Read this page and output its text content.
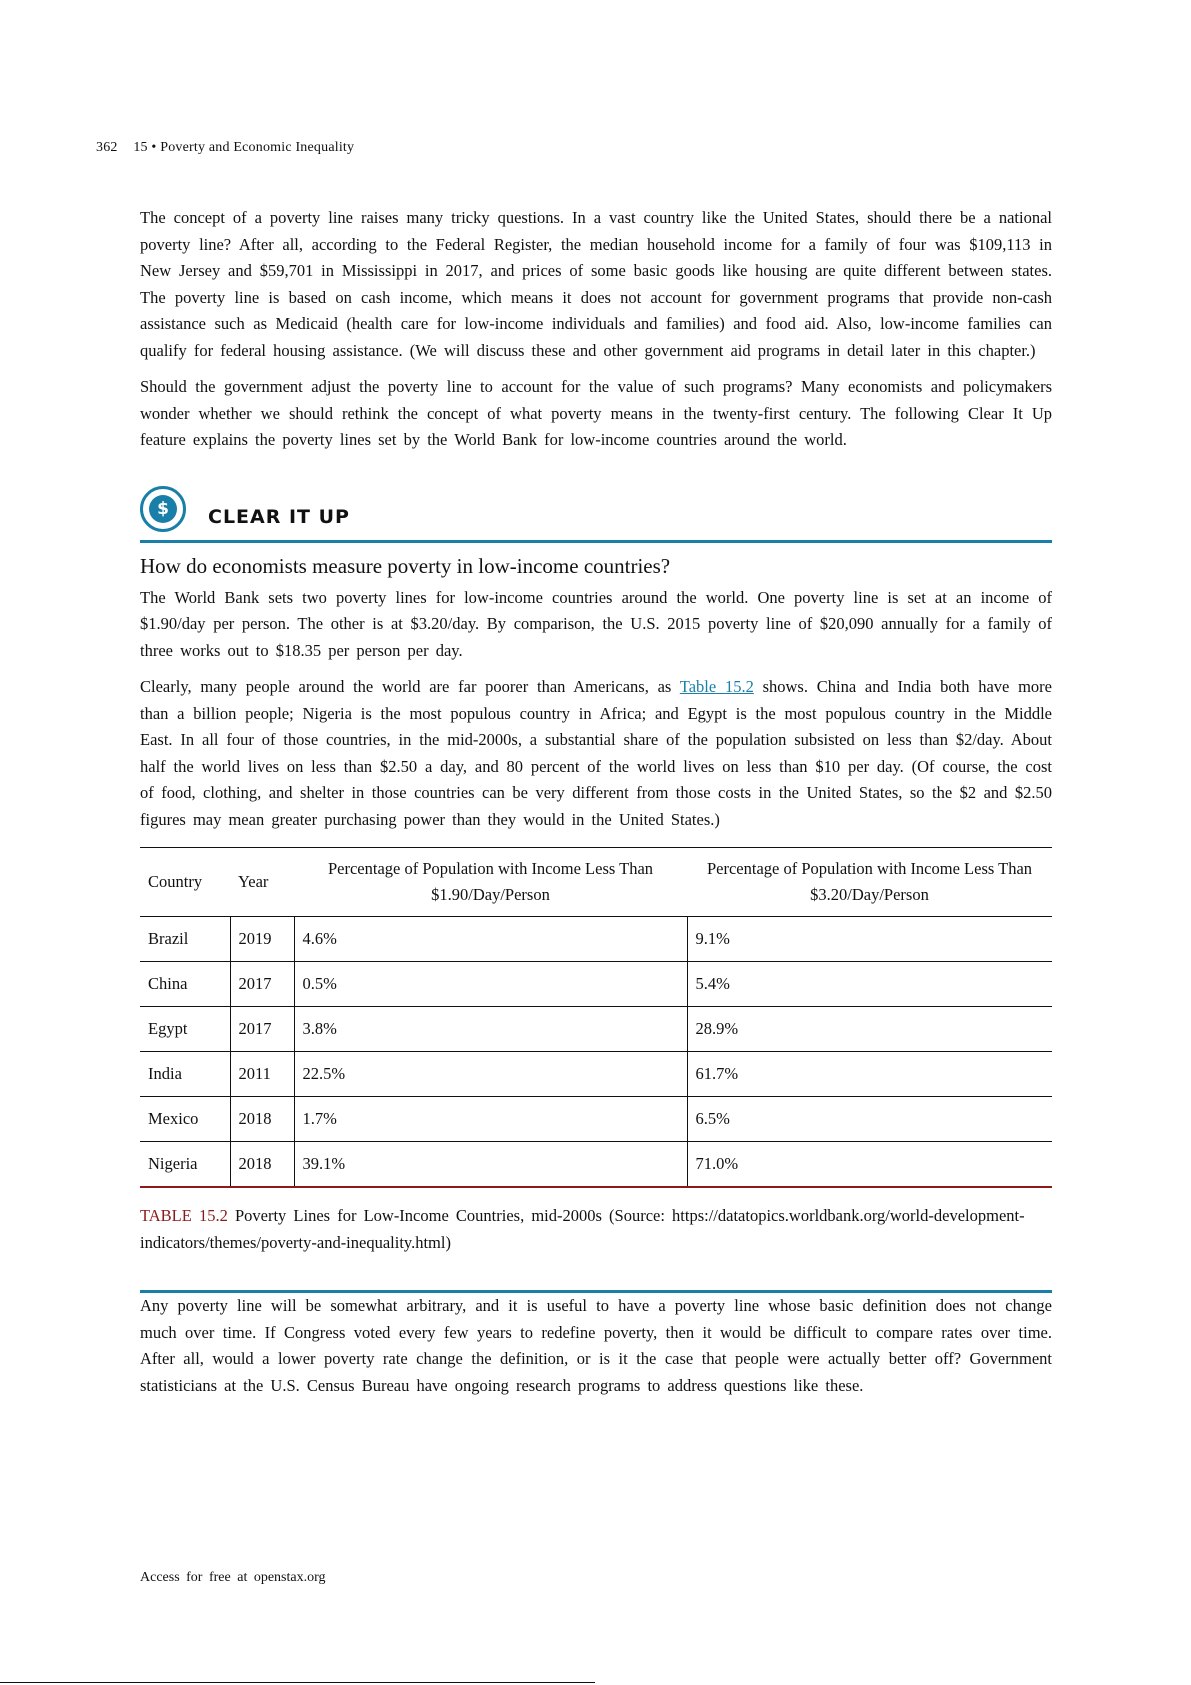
362 15 • Poverty and Economic Inequality

The concept of a poverty line raises many tricky questions. In a vast country like the United States, should there be a national poverty line? After all, according to the Federal Register, the median household income for a family of four was $109,113 in New Jersey and $59,701 in Mississippi in 2017, and prices of some basic goods like housing are quite different between states. The poverty line is based on cash income, which means it does not account for government programs that provide non-cash assistance such as Medicaid (health care for low-income individuals and families) and food aid. Also, low-income families can qualify for federal housing assistance. (We will discuss these and other government aid programs in detail later in this chapter.)

Should the government adjust the poverty line to account for the value of such programs? Many economists and policymakers wonder whether we should rethink the concept of what poverty means in the twenty-first century. The following Clear It Up feature explains the poverty lines set by the World Bank for low-income countries around the world.

$	CLEAR IT UP
How do economists measure poverty in low-income countries?

The World Bank sets two poverty lines for low-income countries around the world. One poverty line is set at an income of $1.90/day per person. The other is at $3.20/day. By comparison, the U.S. 2015 poverty line of $20,090 annually for a family of three works out to $18.35 per person per day.

Clearly, many people around the world are far poorer than Americans, as Table 15.2 shows. China and India both have more than a billion people; Nigeria is the most populous country in Africa; and Egypt is the most populous country in the Middle East. In all four of those countries, in the mid-2000s, a substantial share of the population subsisted on less than $2/day. About half the world lives on less than $2.50 a day, and 80 percent of the world lives on less than $10 per day. (Of course, the cost of food, clothing, and shelter in those countries can be very different from those costs in the United States, so the $2 and $2.50 figures may mean greater purchasing power than they would in the United States.)

Country	Year	Percentage of Population with Income Less Than $1.90/Day/Person	Percentage of Population with Income Less Than $3.20/Day/Person
Brazil	2019	4.6%	9.1%
China	2017	0.5%	5.4%
Egypt	2017	3.8%	28.9%
India	2011	22.5%	61.7%
Mexico	2018	1.7%	6.5%
Nigeria	2018	39.1%	71.0%
TABLE 15.2 Poverty Lines for Low-Income Countries, mid-2000s (Source: https://datatopics.worldbank.org/world-development-indicators/themes/poverty-and-inequality.html)

Any poverty line will be somewhat arbitrary, and it is useful to have a poverty line whose basic definition does not change much over time. If Congress voted every few years to redefine poverty, then it would be difficult to compare rates over time. After all, would a lower poverty rate change the definition, or is it the case that people were actually better off? Government statisticians at the U.S. Census Bureau have ongoing research programs to address questions like these.

Access for free at openstax.org
